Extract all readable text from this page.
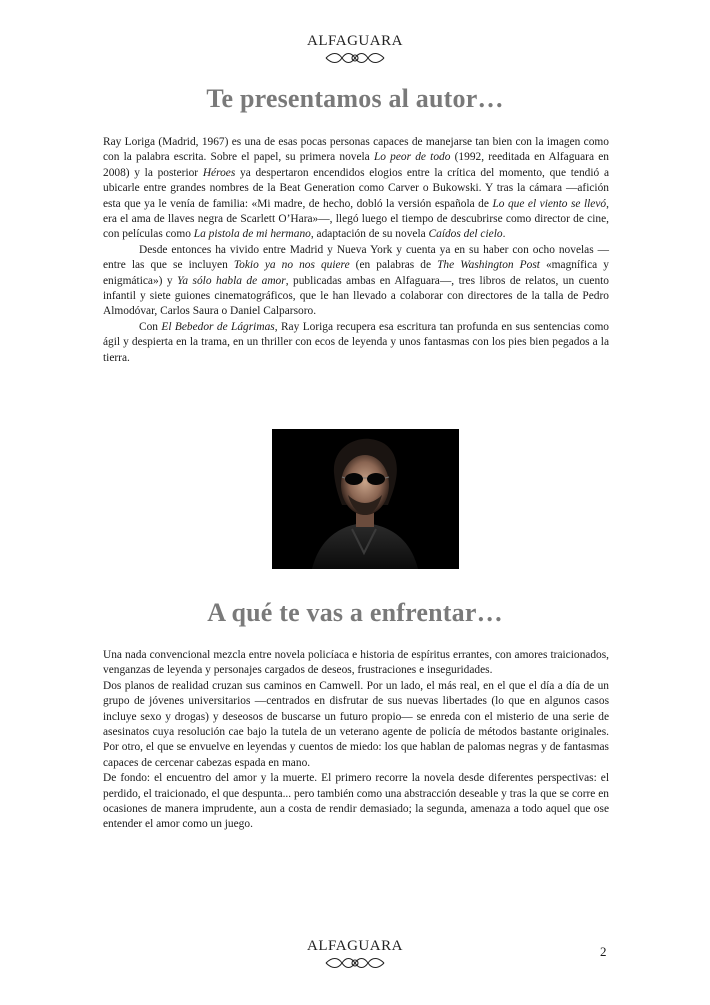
ALFAGUARA
Te presentamos al autor…

Ray Loriga (Madrid, 1967) es una de esas pocas personas capaces de manejarse tan bien con la imagen como con la palabra escrita. Sobre el papel, su primera novela Lo peor de todo (1992, reeditada en Alfaguara en 2008) y la posterior Héroes ya despertaron encendidos elogios entre la crítica del momento, que tendió a ubicarle entre grandes nombres de la Beat Generation como Carver o Bukowski. Y tras la cámara —afición esta que ya le venía de familia: «Mi madre, de hecho, dobló la versión española de Lo que el viento se llevó, era el ama de llaves negra de Scarlett O’Hara»—, llegó luego el tiempo de descubrirse como director de cine, con películas como La pistola de mi hermano, adaptación de su novela Caídos del cielo.

Desde entonces ha vivido entre Madrid y Nueva York y cuenta ya en su haber con ocho novelas —entre las que se incluyen Tokio ya no nos quiere (en palabras de The Washington Post «magnífica y enigmática») y Ya sólo habla de amor, publicadas ambas en Alfaguara—, tres libros de relatos, un cuento infantil y siete guiones cinematográficos, que le han llevado a colaborar con directores de la talla de Pedro Almodóvar, Carlos Saura o Daniel Calparsoro.

Con El Bebedor de Lágrimas, Ray Loriga recupera esa escritura tan profunda en sus sentencias como ágil y despierta en la trama, en un thriller con ecos de leyenda y unos fantasmas con los pies bien pegados a la tierra.

A qué te vas a enfrentar…

Una nada convencional mezcla entre novela policíaca e historia de espíritus errantes, con amores traicionados, venganzas de leyenda y personajes cargados de deseos, frustraciones e inseguridades.

Dos planos de realidad cruzan sus caminos en Camwell. Por un lado, el más real, en el que el día a día de un grupo de jóvenes universitarios —centrados en disfrutar de sus nuevas libertades (lo que en algunos casos incluye sexo y drogas) y deseosos de buscarse un futuro propio— se enreda con el misterio de una serie de asesinatos cuya resolución cae bajo la tutela de un veterano agente de policía de métodos bastante originales. Por otro, el que se envuelve en leyendas y cuentos de miedo: los que hablan de palomas negras y de fantasmas capaces de cercenar cabezas espada en mano.

De fondo: el encuentro del amor y la muerte. El primero recorre la novela desde diferentes perspectivas: el perdido, el traicionado, el que despunta... pero también como una abstracción deseable y tras la que se corre en ocasiones de manera imprudente, aun a costa de rendir demasiado; la segunda, amenaza a todo aquel que ose entender el amor como un juego.

ALFAGUARA	2
